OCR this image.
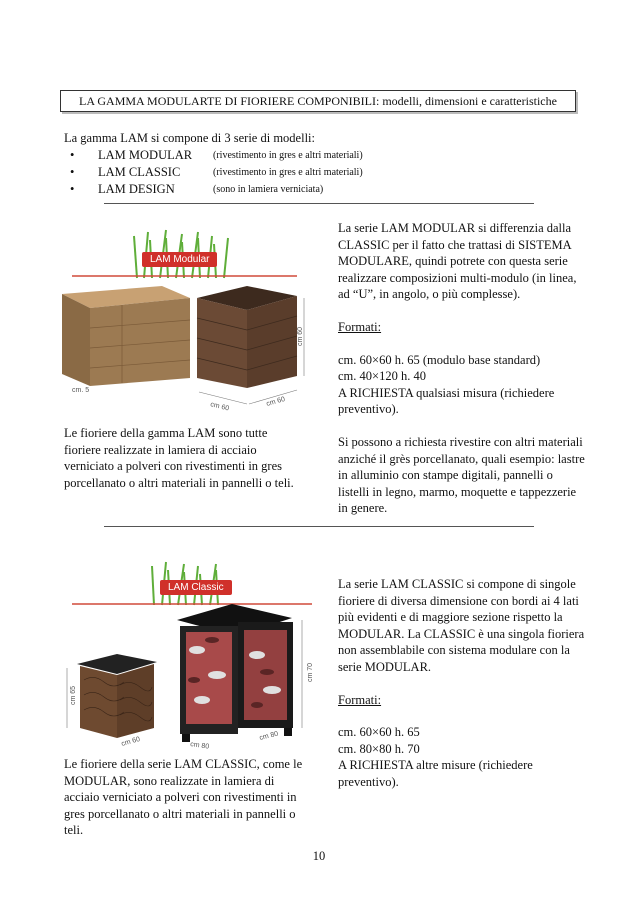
LA GAMMA MODULARTE DI FIORIERE COMPONIBILI: modelli, dimensioni e caratteristiche
La gamma LAM si compone di 3 serie di modelli:
• LAM MODULAR (rivestimento in gres e altri materiali)
• LAM CLASSIC	(rivestimento in gres e altri materiali)
• LAM DESIGN	(sono in lamiera verniciata)
cm. 5
cm 60
cm 60	cm 60
LAM Modular

La serie LAM MODULAR si differenzia dalla CLASSIC per il fatto che trattasi di SISTEMA MODULARE, quindi potrete con questa serie realizzare composizioni multi-modulo (in linea, ad “U”, in angolo, o più complesse).

Formati:

cm. 60×60 h. 65 (modulo base standard)

cm. 40×120 h. 40

A RICHIESTA qualsiasi misura (richiedere preventivo).

Si possono a richiesta rivestire con altri materiali anziché il grès porcellanato, quali esempio: lastre in alluminio con stampe digitali, pannelli o listelli in legno, marmo, moquette e tappezzerie in genere.

Le fioriere della gamma LAM sono tutte fioriere realizzate in lamiera di acciaio verniciato a polveri con rivestimenti in gres porcellanato o altri materiali in pannelli o teli.
cm 65
cm 60
cm 70
cm 80
cm 80
LAM Classic	La serie LAM CLASSIC si compone di singole fioriere di diversa dimensione con bordi ai 4 lati più evidenti e di maggiore sezione rispetto la MODULAR. La CLASSIC è una singola fioriera non assemblabile con sistema modulare con la serie MODULAR.

Formati:

cm. 60×60 h. 65

cm. 80×80 h. 70

A RICHIESTA altre misure (richiedere preventivo).

Le fioriere della serie LAM CLASSIC, come le MODULAR, sono realizzate in lamiera di acciaio verniciato a polveri con rivestimenti in gres porcellanato o altri materiali in pannelli o teli.
10
